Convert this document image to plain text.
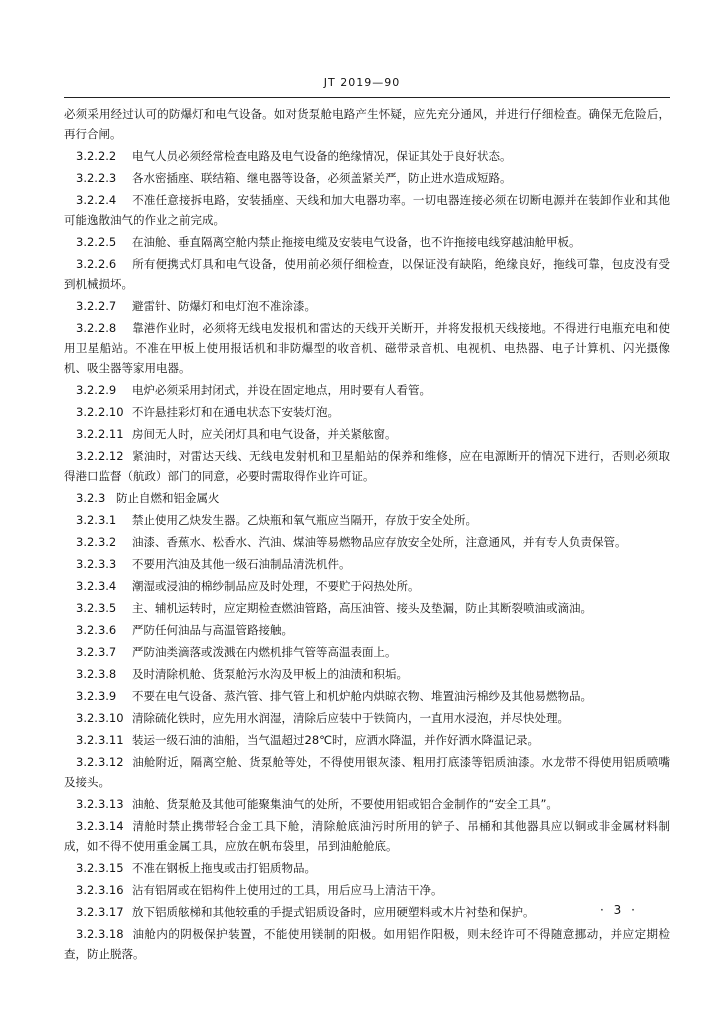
JT 2019—90

必须采用经过认可的防爆灯和电气设备。如对货泵舱电路产生怀疑，应先充分通风，并进行仔细检查。确保无危险后，再行合闸。

3.2.2.2 电气人员必须经常检查电路及电气设备的绝缘情况，保证其处于良好状态。

3.2.2.3 各水密插座、联结箱、继电器等设备，必须盖紧关严，防止进水造成短路。

3.2.2.4 不准任意接拆电路，安装插座、天线和加大电器功率。一切电器连接必须在切断电源并在装卸作业和其他可能逸散油气的作业之前完成。

3.2.2.5 在油舱、垂直隔离空舱内禁止拖接电缆及安装电气设备，也不许拖接电线穿越油舱甲板。

3.2.2.6 所有便携式灯具和电气设备，使用前必须仔细检查，以保证没有缺陷，绝缘良好，拖线可靠，包皮没有受到机械损坏。

3.2.2.7 避雷针、防爆灯和电灯泡不准涂漆。

3.2.2.8 靠港作业时，必须将无线电发报机和雷达的天线开关断开，并将发报机天线接地。不得进行电瓶充电和使用卫星船站。不准在甲板上使用报话机和非防爆型的收音机、磁带录音机、电视机、电热器、电子计算机、闪光摄像机、吸尘器等家用电器。

3.2.2.9 电炉必须采用封闭式，并设在固定地点，用时要有人看管。

3.2.2.10 不许悬挂彩灯和在通电状态下安装灯泡。

3.2.2.11 房间无人时，应关闭灯具和电气设备，并关紧舷窗。

3.2.2.12 紧油时，对雷达天线、无线电发射机和卫星船站的保养和维修，应在电源断开的情况下进行，否则必须取得港口监督（航政）部门的同意，必要时需取得作业许可证。

3.2.3 防止自燃和铝金属火

3.2.3.1 禁止使用乙炔发生器。乙炔瓶和氧气瓶应当隔开，存放于安全处所。

3.2.3.2 油漆、香蕉水、松香水、汽油、煤油等易燃物品应存放安全处所，注意通风，并有专人负责保管。

3.2.3.3 不要用汽油及其他一级石油制品清洗机件。

3.2.3.4 潮湿或浸油的棉纱制品应及时处理，不要贮于闷热处所。

3.2.3.5 主、辅机运转时，应定期检查燃油管路，高压油管、接头及垫漏，防止其断裂喷油或滴油。

3.2.3.6 严防任何油品与高温管路接触。

3.2.3.7 严防油类滴落或泼溅在内燃机排气管等高温表面上。

3.2.3.8 及时清除机舱、货泵舱污水沟及甲板上的油渍和积垢。

3.2.3.9 不要在电气设备、蒸汽管、排气管上和机炉舱内烘晾衣物、堆置油污棉纱及其他易燃物品。

3.2.3.10 清除硫化铁时，应先用水润湿，清除后应装中于铁筒内，一直用水浸泡，并尽快处理。

3.2.3.11 装运一级石油的油船，当气温超过28℃时，应洒水降温，并作好洒水降温记录。

3.2.3.12 油舱附近，隔离空舱、货泵舱等处，不得使用银灰漆、粗用打底漆等铝质油漆。水龙带不得使用铝质喷嘴及接头。

3.2.3.13 油舱、货泵舱及其他可能聚集油气的处所，不要使用铝或铝合金制作的“安全工具”。

3.2.3.14 清舱时禁止携带轻合金工具下舱，清除舱底油污时所用的铲子、吊桶和其他器具应以铜或非金属材料制成，如不得不使用重金属工具，应放在帆布袋里，吊到油舱舱底。

3.2.3.15 不准在钢板上拖曳或击打铝质物品。

3.2.3.16 沾有铝屑或在铝构件上使用过的工具，用后应马上清洁干净。

3.2.3.17 放下铝质舷梯和其他较重的手提式铝质设备时，应用硬塑料或木片衬垫和保护。

3.2.3.18 油舱内的阴极保护装置，不能使用镁制的阳极。如用铝作阳极，则未经许可不得随意挪动，并应定期检查，防止脱落。

· 3 ·
